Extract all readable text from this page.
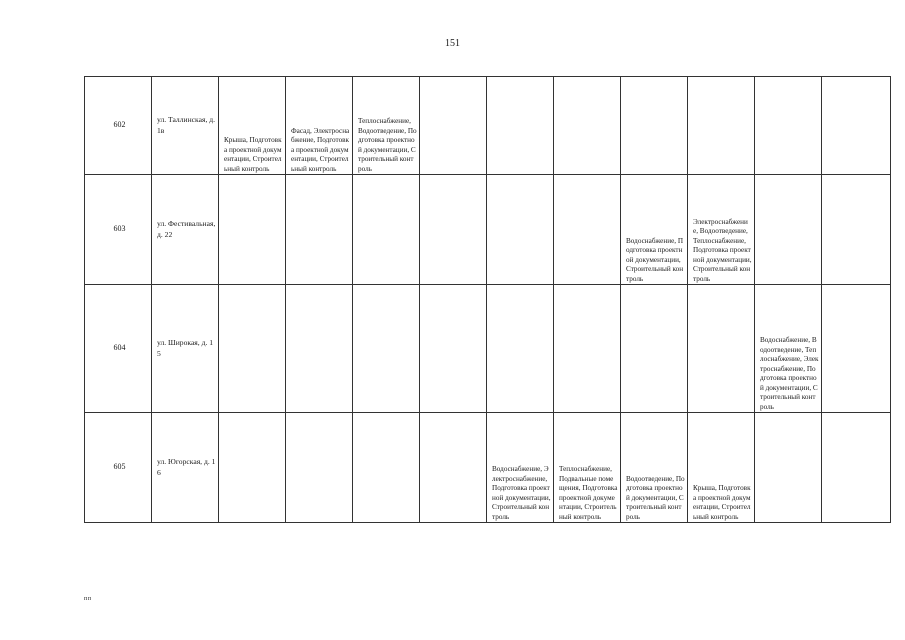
151
602	ул. Таллинская, д. 1в	Крыша, Подготовка проектной документации, Строительный контроль	Фасад, Электроснабжение, Подготовка проектной документации, Строительный контроль	Теплоснабжение, Водоотведение, Подготовка проектной документации, Строительный контроль							
603	ул. Фестивальная, д. 22							Водоснабжение, Подготовка проектной документации, Строительный контроль	Электроснабжение, Водоотведение, Теплоснабжение, Подготовка проектной документации, Строительный контроль		
604	ул. Широкая, д. 15									Водоснабжение, Водоотведение, Теплоснабжение, Электроснабжение, Подготовка проектной документации, Строительный контроль	
605	ул. Югорская, д. 16					Водоснабжение, Электроснабжение, Подготовка проектной документации, Строительный контроль	Теплоснабжение, Подвальные помещения, Подготовка проектной документации, Строительный контроль	Водоотведение, Подготовка проектной документации, Строительный контроль	Крыша, Подготовка проектной документации, Строительный контроль		
пп
